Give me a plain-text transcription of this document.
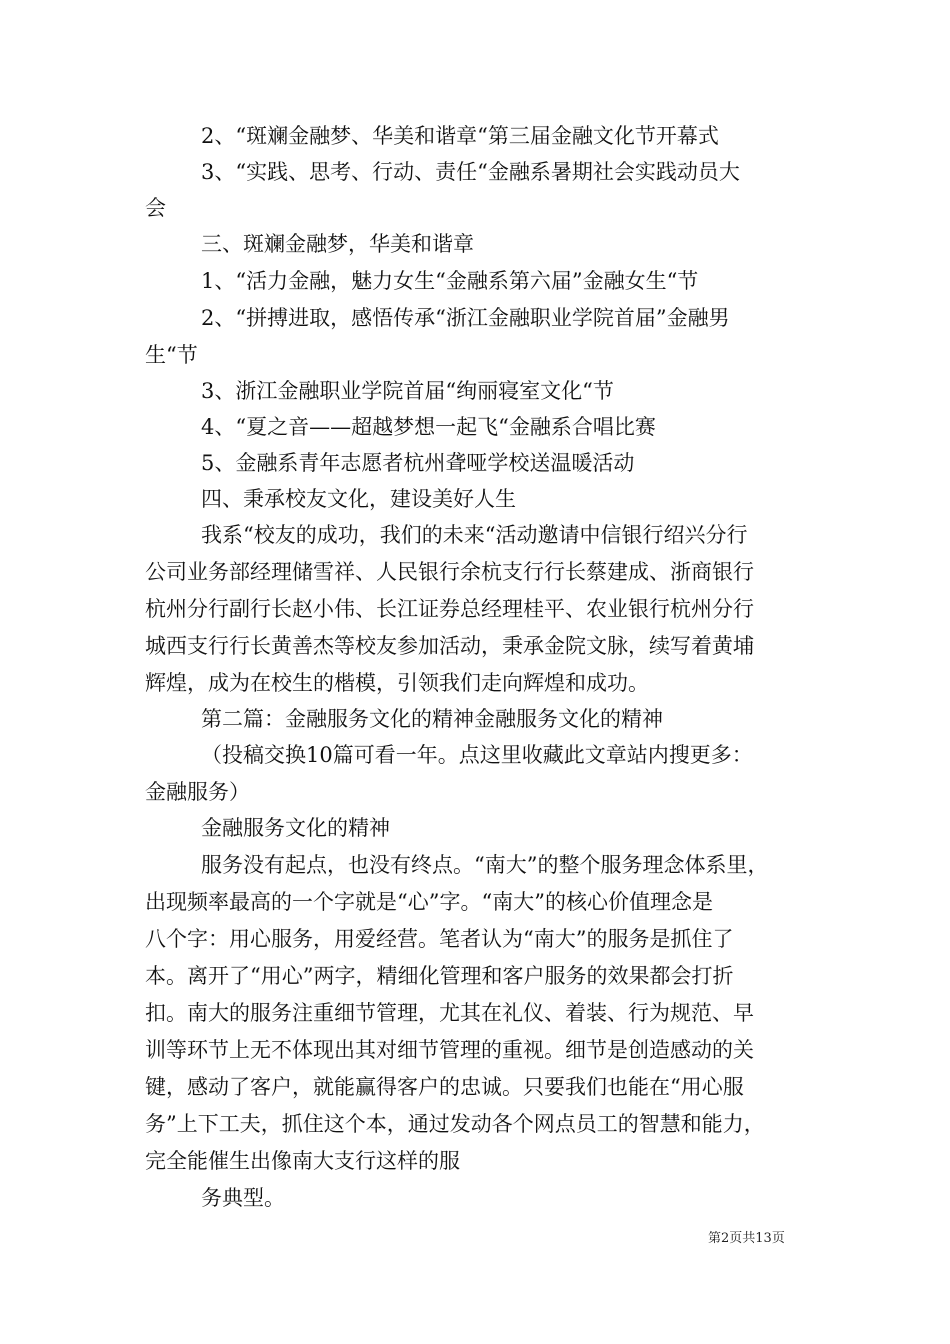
2、“斑斓金融梦、华美和谐章“第三届金融文化节开幕式
3、“实践、思考、行动、责任“金融系暑期社会实践动员大
会
三、斑斓金融梦，华美和谐章
1、“活力金融，魅力女生“金融系第六届”金融女生“节
2、“拼搏进取，感悟传承“浙江金融职业学院首届”金融男
生“节
3、浙江金融职业学院首届“绚丽寝室文化“节
4、“夏之音——超越梦想一起飞“金融系合唱比赛
5、金融系青年志愿者杭州聋哑学校送温暖活动
四、秉承校友文化，建设美好人生
我系“校友的成功，我们的未来“活动邀请中信银行绍兴分行
公司业务部经理储雪祥、人民银行余杭支行行长蔡建成、浙商银行
杭州分行副行长赵小伟、长江证券总经理桂平、农业银行杭州分行
城西支行行长黄善杰等校友参加活动，秉承金院文脉，续写着黄埔
辉煌，成为在校生的楷模，引领我们走向辉煌和成功。
第二篇：金融服务文化的精神金融服务文化的精神
（投稿交换10篇可看一年。点这里收藏此文章站内搜更多：
金融服务）
金融服务文化的精神
服务没有起点，也没有终点。“南大”的整个服务理念体系里，
出现频率最高的一个字就是“心”字。“南大”的核心价值理念是
八个字：用心服务，用爱经营。笔者认为“南大”的服务是抓住了
本。离开了“用心”两字，精细化管理和客户服务的效果都会打折
扣。南大的服务注重细节管理，尤其在礼仪、着装、行为规范、早
训等环节上无不体现出其对细节管理的重视。细节是创造感动的关
键，感动了客户，就能赢得客户的忠诚。只要我们也能在“用心服
务”上下工夫，抓住这个本，通过发动各个网点员工的智慧和能力，
完全能催生出像南大支行这样的服
务典型。
第2页共13页
